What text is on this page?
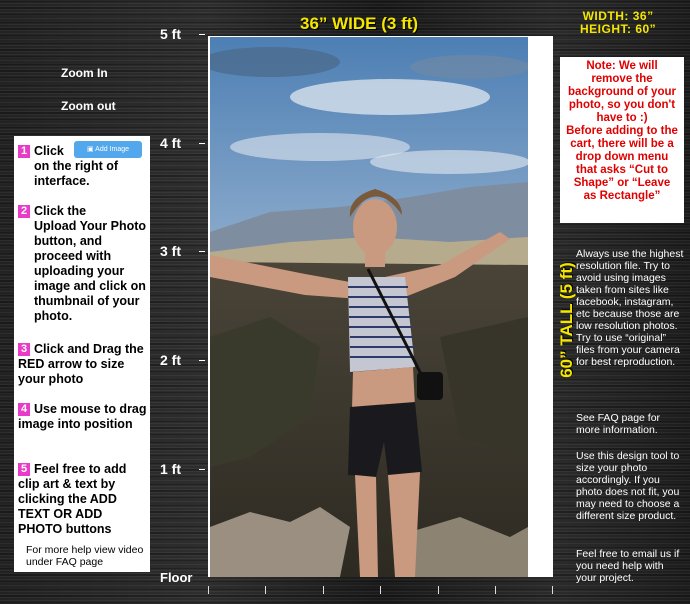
36” WIDE (3 ft)	WIDTH: 36”
HEIGHT: 60”
Zoom In
Zoom out
5 ft
4 ft
3 ft
2 ft
1 ft
Floor
1 Click
on the right of interface.
2 Click the
Upload Your Photo button, and proceed with uploading your image and click on thumbnail of your photo.
3 Click and Drag the RED arrow to size your photo
4 Use mouse to drag image into position
5 Feel free to add clip art & text by clicking the ADD TEXT OR ADD PHOTO buttons
For more help view video under FAQ page
▣ Add Image
Note: We will remove the background of your photo, so you don't have to :)
Before adding to the cart, there will be a drop down menu that asks “Cut to Shape” or “Leave as Rectangle”
60” TALL (5 ft)
Always use the highest resolution file. Try to avoid using images taken from sites like facebook, instagram, etc because those are low resolution photos. Try to use “original” files from your camera for best reproduction.
See FAQ page for more information.
Use this design tool to size your photo accordingly. If you photo does not fit, you may need to choose a different size product.
Feel free to email us if you need help with your project.
